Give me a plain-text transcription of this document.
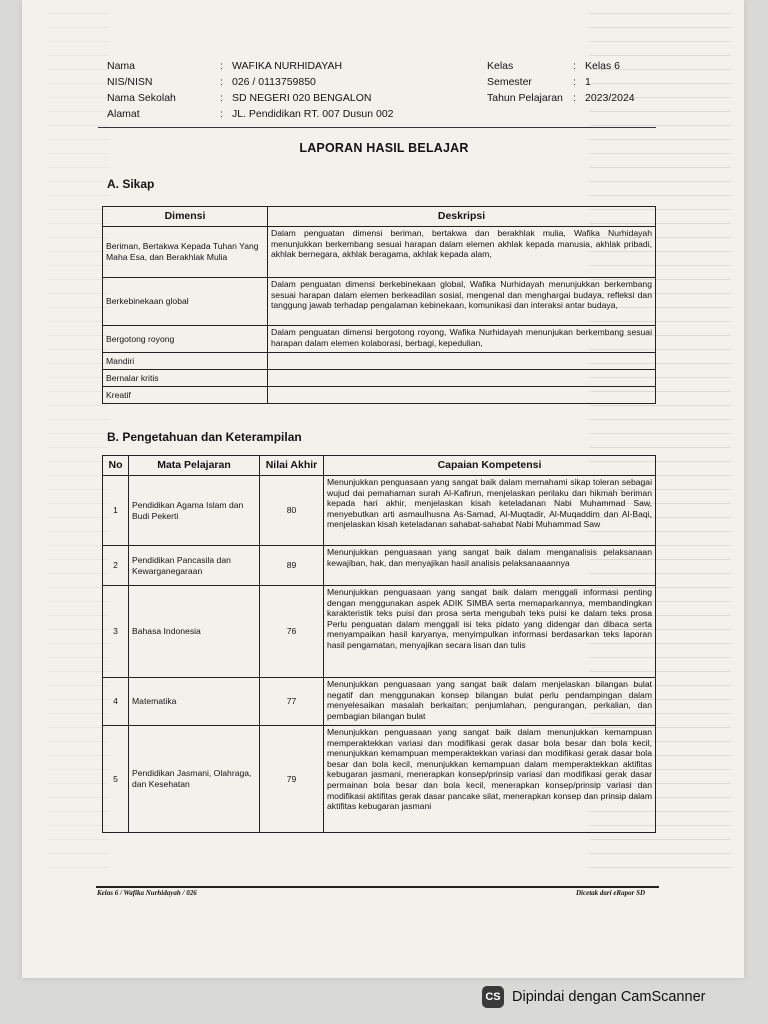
Nama	: WAFIKA NURHIDAYAH
NIS/NISN	: 026 / 0113759850
Nama Sekolah	: SD NEGERI 020 BENGALON
Alamat	: JL. Pendidikan RT. 007 Dusun 002
Kelas	: Kelas 6
Semester	: 1
Tahun Pelajaran : 2023/2024
LAPORAN HASIL BELAJAR
A. Sikap
Dimensi	Deskripsi
Beriman, Bertakwa Kepada Tuhan Yang Maha Esa, dan Berakhlak Mulia	Dalam penguatan dimensi beriman, bertakwa dan berakhlak mulia, Wafika Nurhidayah menunjukkan berkembang sesuai harapan dalam elemen akhlak kepada manusia, akhlak pribadi, akhlak bernegara, akhlak beragama, akhlak kepada alam,
Berkebinekaan global	Dalam penguatan dimensi berkebinekaan global, Wafika Nurhidayah menunjukkan berkembang sesuai harapan dalam elemen berkeadilan sosial, mengenal dan menghargai budaya, refleksi dan tanggung jawab terhadap pengalaman kebinekaan, komunikasi dan interaksi antar budaya,
Bergotong royong	Dalam penguatan dimensi bergotong royong, Wafika Nurhidayah menunjukan berkembang sesuai harapan dalam elemen kolaborasi, berbagi, kepedulian,
Mandiri	
Bernalar kritis	
Kreatif	
B. Pengetahuan dan Keterampilan
No	Mata Pelajaran	Nilai Akhir	Capaian Kompetensi
1	Pendidikan Agama Islam dan Budi Pekerti	80	Menunjukkan penguasaan yang sangat baik dalam memahami sikap toleran sebagai wujud dai pemahaman surah Al-Kafirun, menjelaskan perilaku dan hikmah beriman kepada hari akhir, menjelaskan kisah keteladanan Nabi Muhammad Saw, menyebutkan arti asmaulhusna As-Samad, Al-Muqtadir, Al-Muqaddim dan Al-Baqi, menjelaskan kisah keteladanan sahabat-sahabat Nabi Muhammad Saw
2	Pendidikan Pancasila dan Kewarganegaraan	89	Menunjukkan penguasaan yang sangat baik dalam menganalisis pelaksanaan kewajiban, hak, dan menyajikan hasil analisis pelaksanaaannya
3	Bahasa Indonesia	76	Menunjukkan penguasaan yang sangat baik dalam menggali informasi penting dengan menggunakan aspek ADIK SIMBA serta memaparkannya, membandingkan karakteristik teks puisi dan prosa serta mengubah teks puisi ke dalam teks prosa Perlu penguatan dalam menggali isi teks pidato yang didengar dan dibaca serta menyampaikan hasil karyanya, menyimpulkan informasi berdasarkan teks laporan hasil pengamatan, menyajikan secara lisan dan tulis
4	Matematika	77	Menunjukkan penguasaan yang sangat baik dalam menjelaskan bilangan bulat negatif dan menggunakan konsep bilangan bulat perlu pendampingan dalam menyelesaikan masalah berkaitan; penjumlahan, pengurangan, perkalian, dan pembagian bilangan bulat
5	Pendidikan Jasmani, Olahraga, dan Kesehatan	79	Menunjukkan penguasaan yang sangat baik dalam menunjukkan kemampuan memperaktekkan variasi dan modifikasi gerak dasar bola besar dan bola kecil, menunjukkan kemampuan memperaktekkan variasi dan modifikasi gerak dasar bola besar dan bola kecil, menunjukkan kemampuan dalam memperaktekkan aktifitas kebugaran jasmani, menerapkan konsep/prinsip variasi dan modifikasi gerak dasar permainan bola besar dan bola kecil, menerapkan konsep/prinsip variasi dan modifikasi aktifitas gerak dasar pancake silat, menerapkan konsep dan prinsip dalam aktifitas kebugaran jasmani
Kelas 6 / Wafika Nurhidayah / 026	Dicetak dari eRapor SD
CS Dipindai dengan CamScanner
